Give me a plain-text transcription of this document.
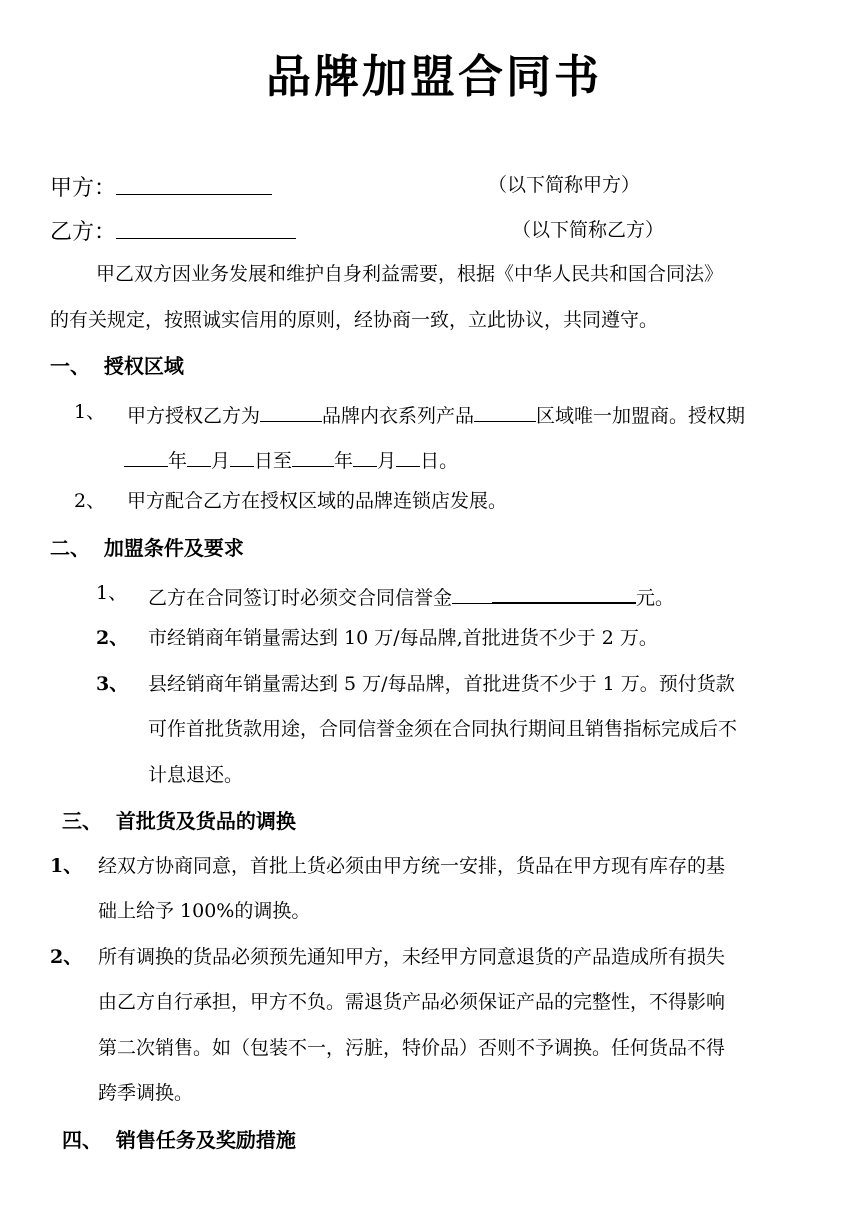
品牌加盟合同书
甲方：	（以下简称甲方）
乙方：	（以下简称乙方）
甲乙双方因业务发展和维护自身利益需要，根据《中华人民共和国合同法》
的有关规定，按照诚实信用的原则，经协商一致，立此协议，共同遵守。
一、  授权区域
1、 甲方授权乙方为	品牌内衣系列产品	区域唯一加盟商。授权期
年 月 日至 年 月 日。
2、 甲方配合乙方在授权区域的品牌连锁店发展。
二、  加盟条件及要求
1、 乙方在合同签订时必须交合同信誉金	元。
2、 市经销商年销量需达到 10 万/每品牌,首批进货不少于 2 万。
3、 县经销商年销量需达到 5 万/每品牌，首批进货不少于 1 万。预付货款
可作首批货款用途，合同信誉金须在合同执行期间且销售指标完成后不
计息退还。
三、  首批货及货品的调换
1、 经双方协商同意，首批上货必须由甲方统一安排，货品在甲方现有库存的基
础上给予 100%的调换。
2、 所有调换的货品必须预先通知甲方，未经甲方同意退货的产品造成所有损失
由乙方自行承担，甲方不负。需退货产品必须保证产品的完整性，不得影响
第二次销售。如（包装不一，污脏，特价品）否则不予调换。任何货品不得
跨季调换。
四、  销售任务及奖励措施
